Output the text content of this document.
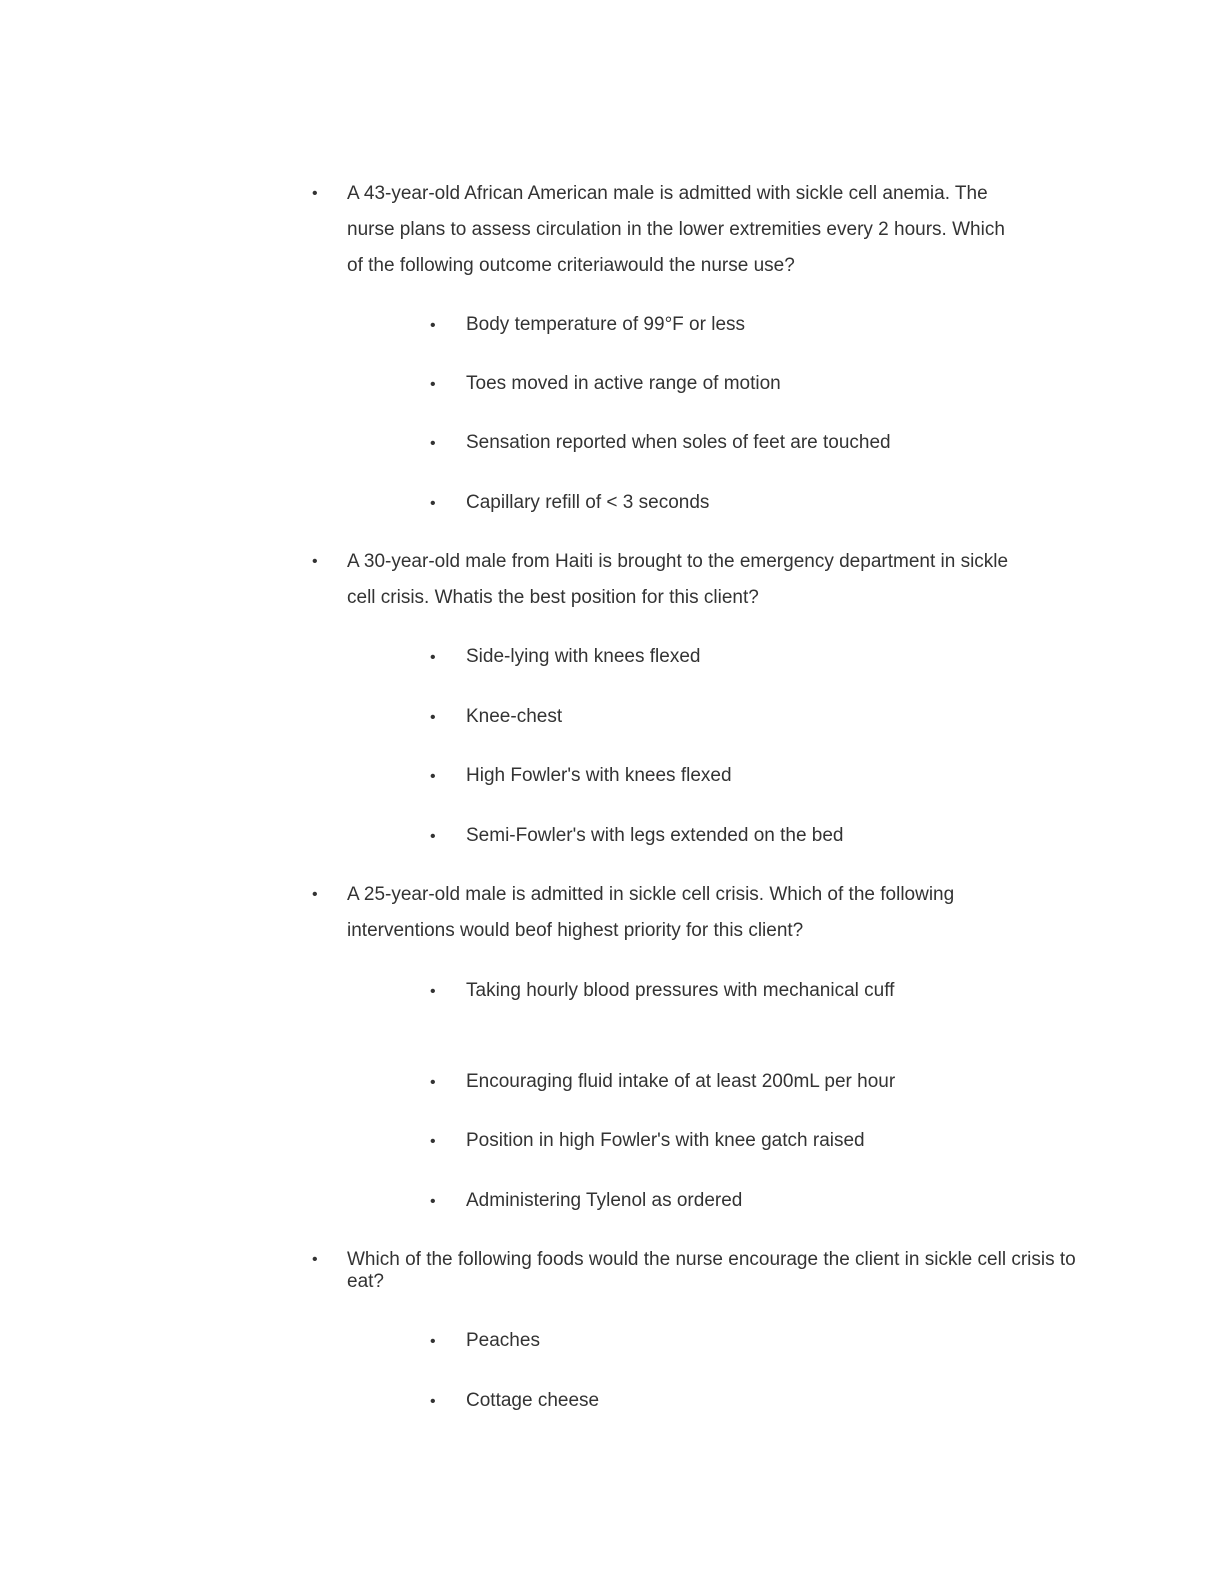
• A 43-year-old African American male is admitted with sickle cell anemia. The
nurse plans to assess circulation in the lower extremities every 2 hours. Which
of the following outcome criteriawould the nurse use?
• Body temperature of 99°F or less
• Toes moved in active range of motion
• Sensation reported when soles of feet are touched
• Capillary refill of < 3 seconds
• A 30-year-old male from Haiti is brought to the emergency department in sickle
cell crisis. Whatis the best position for this client?
• Side-lying with knees flexed
• Knee-chest
• High Fowler's with knees flexed
• Semi-Fowler's with legs extended on the bed
• A 25-year-old male is admitted in sickle cell crisis. Which of the following
interventions would beof highest priority for this client?
• Taking hourly blood pressures with mechanical cuff
• Encouraging fluid intake of at least 200mL per hour
• Position in high Fowler's with knee gatch raised
• Administering Tylenol as ordered
• Which of the following foods would the nurse encourage the client in sickle cell crisis to
eat?
• Peaches
• Cottage cheese
